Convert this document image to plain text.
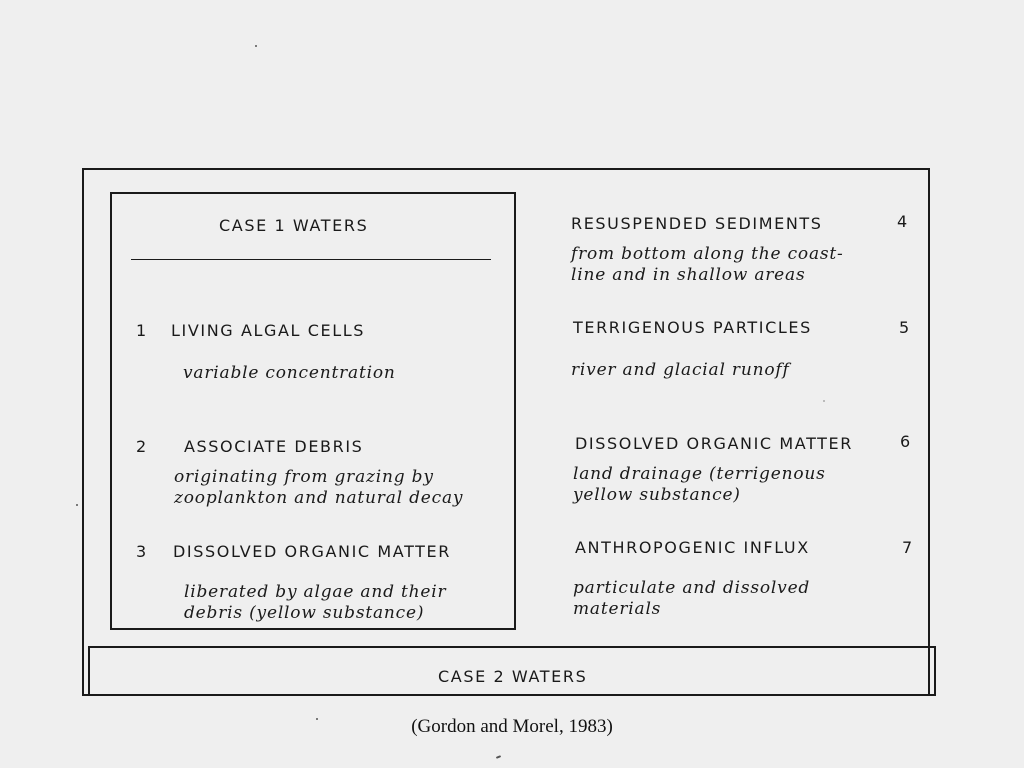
CASE 1 WATERS
1 LIVING ALGAL CELLS
variable concentration
2 ASSOCIATE DEBRIS
originating from grazing by
zooplankton and natural decay
3 DISSOLVED ORGANIC MATTER
liberated by algae and their
debris (yellow substance)
RESUSPENDED SEDIMENTS	4
from bottom along the coast-
line and in shallow areas
TERRIGENOUS PARTICLES	5
river and glacial runoff
DISSOLVED ORGANIC MATTER	6
land drainage (terrigenous
yellow substance)
ANTHROPOGENIC INFLUX	7
particulate and dissolved
materials
CASE 2 WATERS
(Gordon and Morel, 1983)
